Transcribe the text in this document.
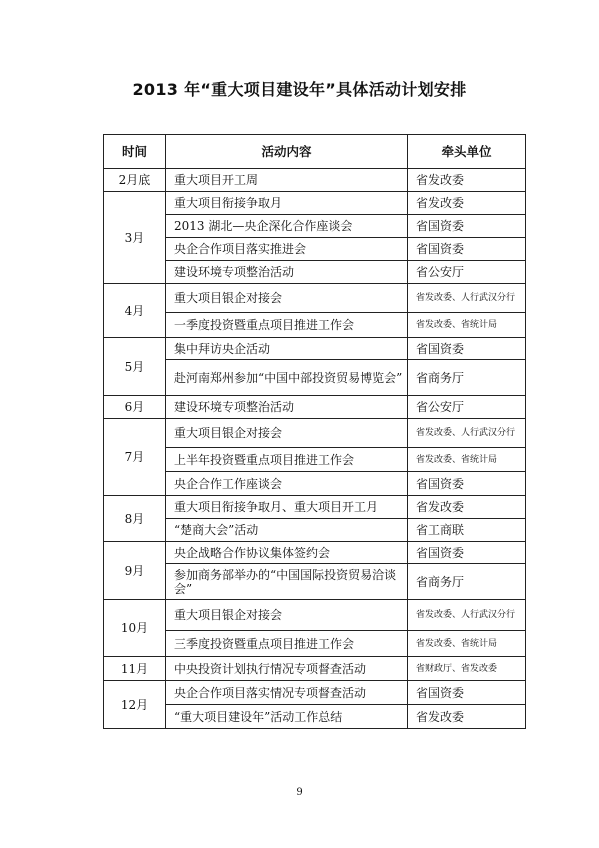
2013 年“重大项目建设年”具体活动计划安排
时间	活动内容	牵头单位
2月底	重大项目开工周	省发改委
3月	重大项目衔接争取月	省发改委
	2013 湖北—央企深化合作座谈会	省国资委
	央企合作项目落实推进会	省国资委
	建设环境专项整治活动	省公安厅
4月	重大项目银企对接会	省发改委、人行武汉分行
	一季度投资暨重点项目推进工作会	省发改委、省统计局
5月	集中拜访央企活动	省国资委
	赴河南郑州参加“中国中部投资贸易博览会”	省商务厅
6月	建设环境专项整治活动	省公安厅
7月	重大项目银企对接会	省发改委、人行武汉分行
	上半年投资暨重点项目推进工作会	省发改委、省统计局
	央企合作工作座谈会	省国资委
8月	重大项目衔接争取月、重大项目开工月	省发改委
	“楚商大会”活动	省工商联
9月	央企战略合作协议集体签约会	省国资委
	参加商务部举办的“中国国际投资贸易洽谈会”	省商务厅
10月	重大项目银企对接会	省发改委、人行武汉分行
	三季度投资暨重点项目推进工作会	省发改委、省统计局
11月	中央投资计划执行情况专项督查活动	省财政厅、省发改委
12月	央企合作项目落实情况专项督查活动	省国资委
	“重大项目建设年”活动工作总结	省发改委
9
